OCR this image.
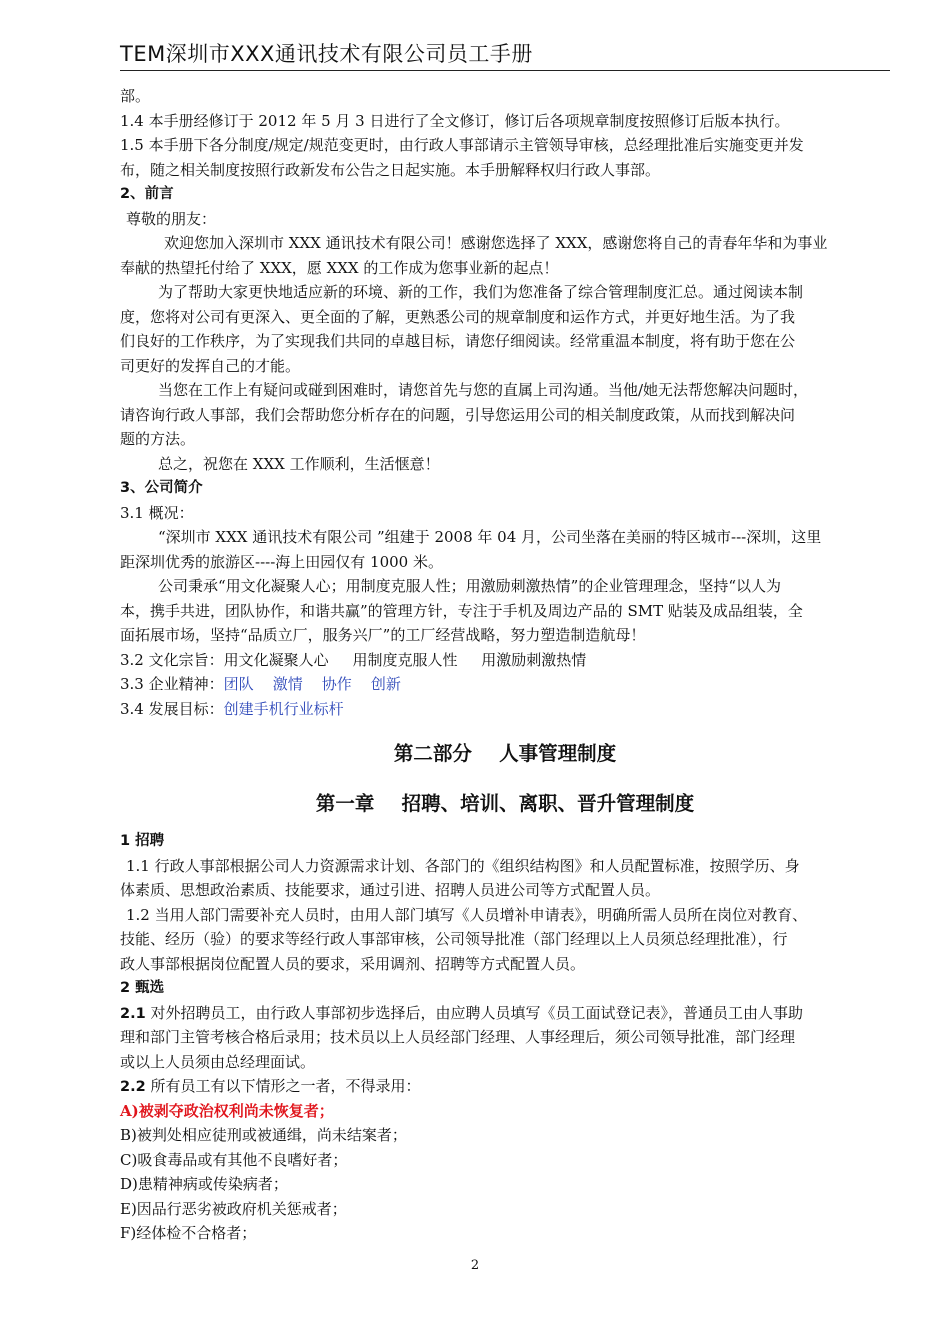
TEM深圳市XXX通讯技术有限公司员工手册
部。
1.4 本手册经修订于 2012 年 5 月 3 日进行了全文修订，修订后各项规章制度按照修订后版本执行。
1.5 本手册下各分制度/规定/规范变更时，由行政人事部请示主管领导审核，总经理批准后实施变更并发
布，随之相关制度按照行政新发布公告之日起实施。本手册解释权归行政人事部。
2、前言
尊敬的朋友：
欢迎您加入深圳市 XXX 通讯技术有限公司！感谢您选择了 XXX，感谢您将自己的青春年华和为事业
奉献的热望托付给了 XXX，愿 XXX 的工作成为您事业新的起点！
为了帮助大家更快地适应新的环境、新的工作，我们为您准备了综合管理制度汇总。通过阅读本制
度，您将对公司有更深入、更全面的了解，更熟悉公司的规章制度和运作方式，并更好地生活。为了我
们良好的工作秩序，为了实现我们共同的卓越目标，请您仔细阅读。经常重温本制度，将有助于您在公
司更好的发挥自己的才能。
当您在工作上有疑问或碰到困难时，请您首先与您的直属上司沟通。当他/她无法帮您解决问题时，
请咨询行政人事部，我们会帮助您分析存在的问题，引导您运用公司的相关制度政策，从而找到解决问
题的方法。
总之，祝您在 XXX 工作顺利，生活惬意！
3、公司简介
3.1 概况：
“深圳市 XXX 通讯技术有限公司 ”组建于 2008 年 04 月，公司坐落在美丽的特区城市---深圳，这里
距深圳优秀的旅游区----海上田园仅有 1000 米。
公司秉承“用文化凝聚人心；用制度克服人性；用激励刺激热情”的企业管理理念，坚持“以人为
本，携手共进，团队协作，和谐共赢”的管理方针，专注于手机及周边产品的 SMT 贴装及成品组装，全
面拓展市场，坚持“品质立厂，服务兴厂”的工厂经营战略，努力塑造制造航母！
3.2 文化宗旨：用文化凝聚人心     用制度克服人性     用激励刺激热情
3.3 企业精神：团队    激情    协作    创新
3.4 发展目标：创建手机行业标杆
第二部分    人事管理制度
第一章    招聘、培训、离职、晋升管理制度
1 招聘
1.1 行政人事部根据公司人力资源需求计划、各部门的《组织结构图》和人员配置标准，按照学历、身
体素质、思想政治素质、技能要求，通过引进、招聘人员进公司等方式配置人员。
1.2 当用人部门需要补充人员时，由用人部门填写《人员增补申请表》，明确所需人员所在岗位对教育、
技能、经历（验）的要求等经行政人事部审核，公司领导批准（部门经理以上人员须总经理批准），行
政人事部根据岗位配置人员的要求，采用调剂、招聘等方式配置人员。
2 甄选
2.1 对外招聘员工，由行政人事部初步选择后，由应聘人员填写《员工面试登记表》，普通员工由人事助
理和部门主管考核合格后录用；技术员以上人员经部门经理、人事经理后，须公司领导批准，部门经理
或以上人员须由总经理面试。
2.2 所有员工有以下情形之一者，不得录用：
A)被剥夺政治权利尚未恢复者；
B)被判处相应徒刑或被通缉，尚未结案者；
C)吸食毒品或有其他不良嗜好者；
D)患精神病或传染病者；
E)因品行恶劣被政府机关惩戒者；
F)经体检不合格者；
2
